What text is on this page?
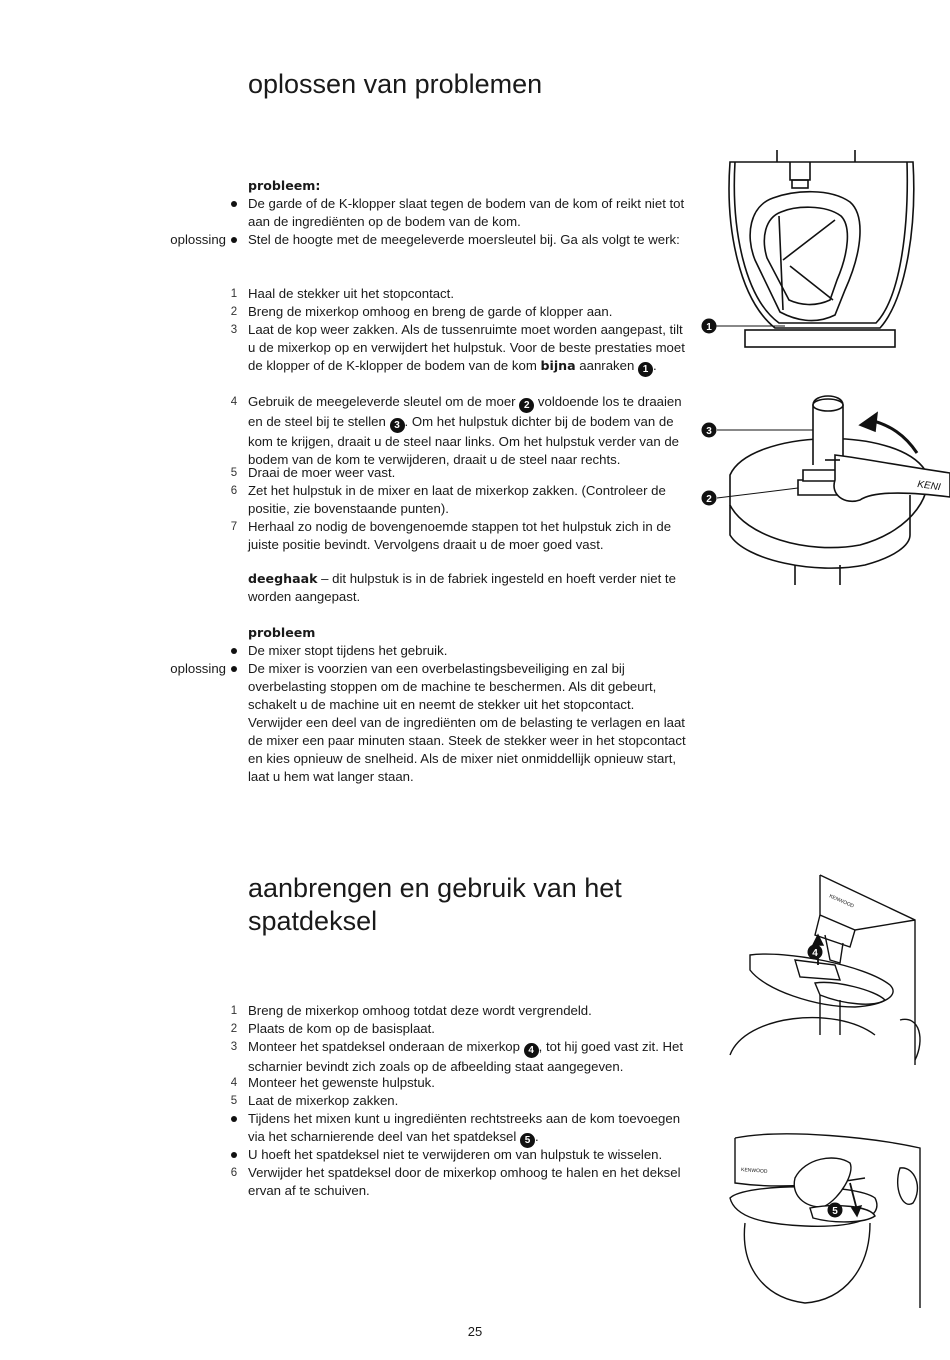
oplossen van problemen
probleem:
De garde of de K-klopper slaat tegen de bodem van de kom of reikt niet tot aan de ingrediënten op de bodem van de kom.
oplossing Stel de hoogte met de meegeleverde moersleutel bij. Ga als volgt te werk:
1 Haal de stekker uit het stopcontact.
2 Breng de mixerkop omhoog en breng de garde of klopper aan.
3 Laat de kop weer zakken. Als de tussenruimte moet worden aangepast, tilt u de mixerkop op en verwijdert het hulpstuk. Voor de beste prestaties moet de klopper of de K-klopper de bodem van de kom bijna aanraken 1 .
4 Gebruik de meegeleverde sleutel om de moer 2 voldoende los te draaien en de steel bij te stellen 3 . Om het hulpstuk dichter bij de bodem van de kom te krijgen, draait u de steel naar links. Om het hulpstuk verder van de bodem van de kom te verwijderen, draait u de steel naar rechts.
5 Draai de moer weer vast.
6 Zet het hulpstuk in de mixer en laat de mixerkop zakken. (Controleer de positie, zie bovenstaande punten).
7 Herhaal zo nodig de bovengenoemde stappen tot het hulpstuk zich in de juiste positie bevindt. Vervolgens draait u de moer goed vast.
deeghaak – dit hulpstuk is in de fabriek ingesteld en hoeft verder niet te worden aangepast.
probleem
De mixer stopt tijdens het gebruik.
oplossing De mixer is voorzien van een overbelastingsbeveiliging en zal bij overbelasting stoppen om de machine te beschermen. Als dit gebeurt, schakelt u de machine uit en neemt de stekker uit het stopcontact. Verwijder een deel van de ingrediënten om de belasting te verlagen en laat de mixer een paar minuten staan. Steek de stekker weer in het stopcontact en kies opnieuw de snelheid. Als de mixer niet onmiddellijk opnieuw start, laat u hem wat langer staan.
1
KENI
3
2
aanbrengen en gebruik van het spatdeksel
1 Breng de mixerkop omhoog totdat deze wordt vergrendeld.
2 Plaats de kom op de basisplaat.
3 Monteer het spatdeksel onderaan de mixerkop 4 , tot hij goed vast zit. Het scharnier bevindt zich zoals op de afbeelding staat aangegeven.
4 Monteer het gewenste hulpstuk.
5 Laat de mixerkop zakken.
Tijdens het mixen kunt u ingrediënten rechtstreeks aan de kom toevoegen via het scharnierende deel van het spatdeksel 5 .
U hoeft het spatdeksel niet te verwijderen om van hulpstuk te wisselen.
6 Verwijder het spatdeksel door de mixerkop omhoog te halen en het deksel ervan af te schuiven.
KENWOOD
4
KENWOOD
5
25
